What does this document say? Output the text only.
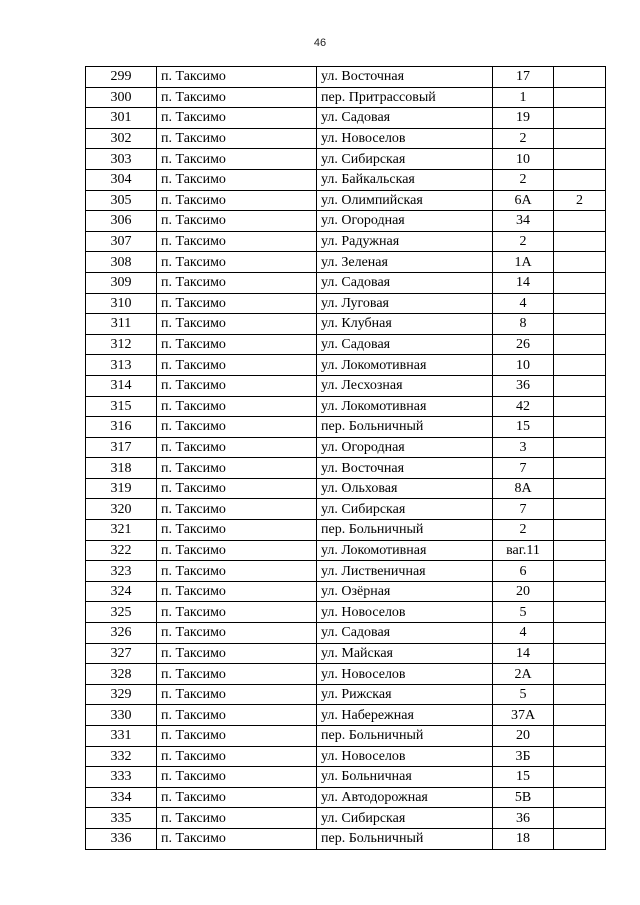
46
299	п. Таксимо	ул. Восточная	17	
300	п. Таксимо	пер. Притрассовый	1	
301	п. Таксимо	ул. Садовая	19	
302	п. Таксимо	ул. Новоселов	2	
303	п. Таксимо	ул. Сибирская	10	
304	п. Таксимо	ул. Байкальская	2	
305	п. Таксимо	ул. Олимпийская	6А	2
306	п. Таксимо	ул. Огородная	34	
307	п. Таксимо	ул. Радужная	2	
308	п. Таксимо	ул. Зеленая	1А	
309	п. Таксимо	ул. Садовая	14	
310	п. Таксимо	ул. Луговая	4	
311	п. Таксимо	ул. Клубная	8	
312	п. Таксимо	ул. Садовая	26	
313	п. Таксимо	ул. Локомотивная	10	
314	п. Таксимо	ул. Лесхозная	36	
315	п. Таксимо	ул. Локомотивная	42	
316	п. Таксимо	пер. Больничный	15	
317	п. Таксимо	ул. Огородная	3	
318	п. Таксимо	ул. Восточная	7	
319	п. Таксимо	ул. Ольховая	8А	
320	п. Таксимо	ул. Сибирская	7	
321	п. Таксимо	пер. Больничный	2	
322	п. Таксимо	ул. Локомотивная	ваг.11	
323	п. Таксимо	ул. Лиственичная	6	
324	п. Таксимо	ул. Озёрная	20	
325	п. Таксимо	ул. Новоселов	5	
326	п. Таксимо	ул. Садовая	4	
327	п. Таксимо	ул. Майская	14	
328	п. Таксимо	ул. Новоселов	2А	
329	п. Таксимо	ул. Рижская	5	
330	п. Таксимо	ул. Набережная	37А	
331	п. Таксимо	пер. Больничный	20	
332	п. Таксимо	ул. Новоселов	3Б	
333	п. Таксимо	ул. Больничная	15	
334	п. Таксимо	ул. Автодорожная	5В	
335	п. Таксимо	ул. Сибирская	36	
336	п. Таксимо	пер. Больничный	18	
